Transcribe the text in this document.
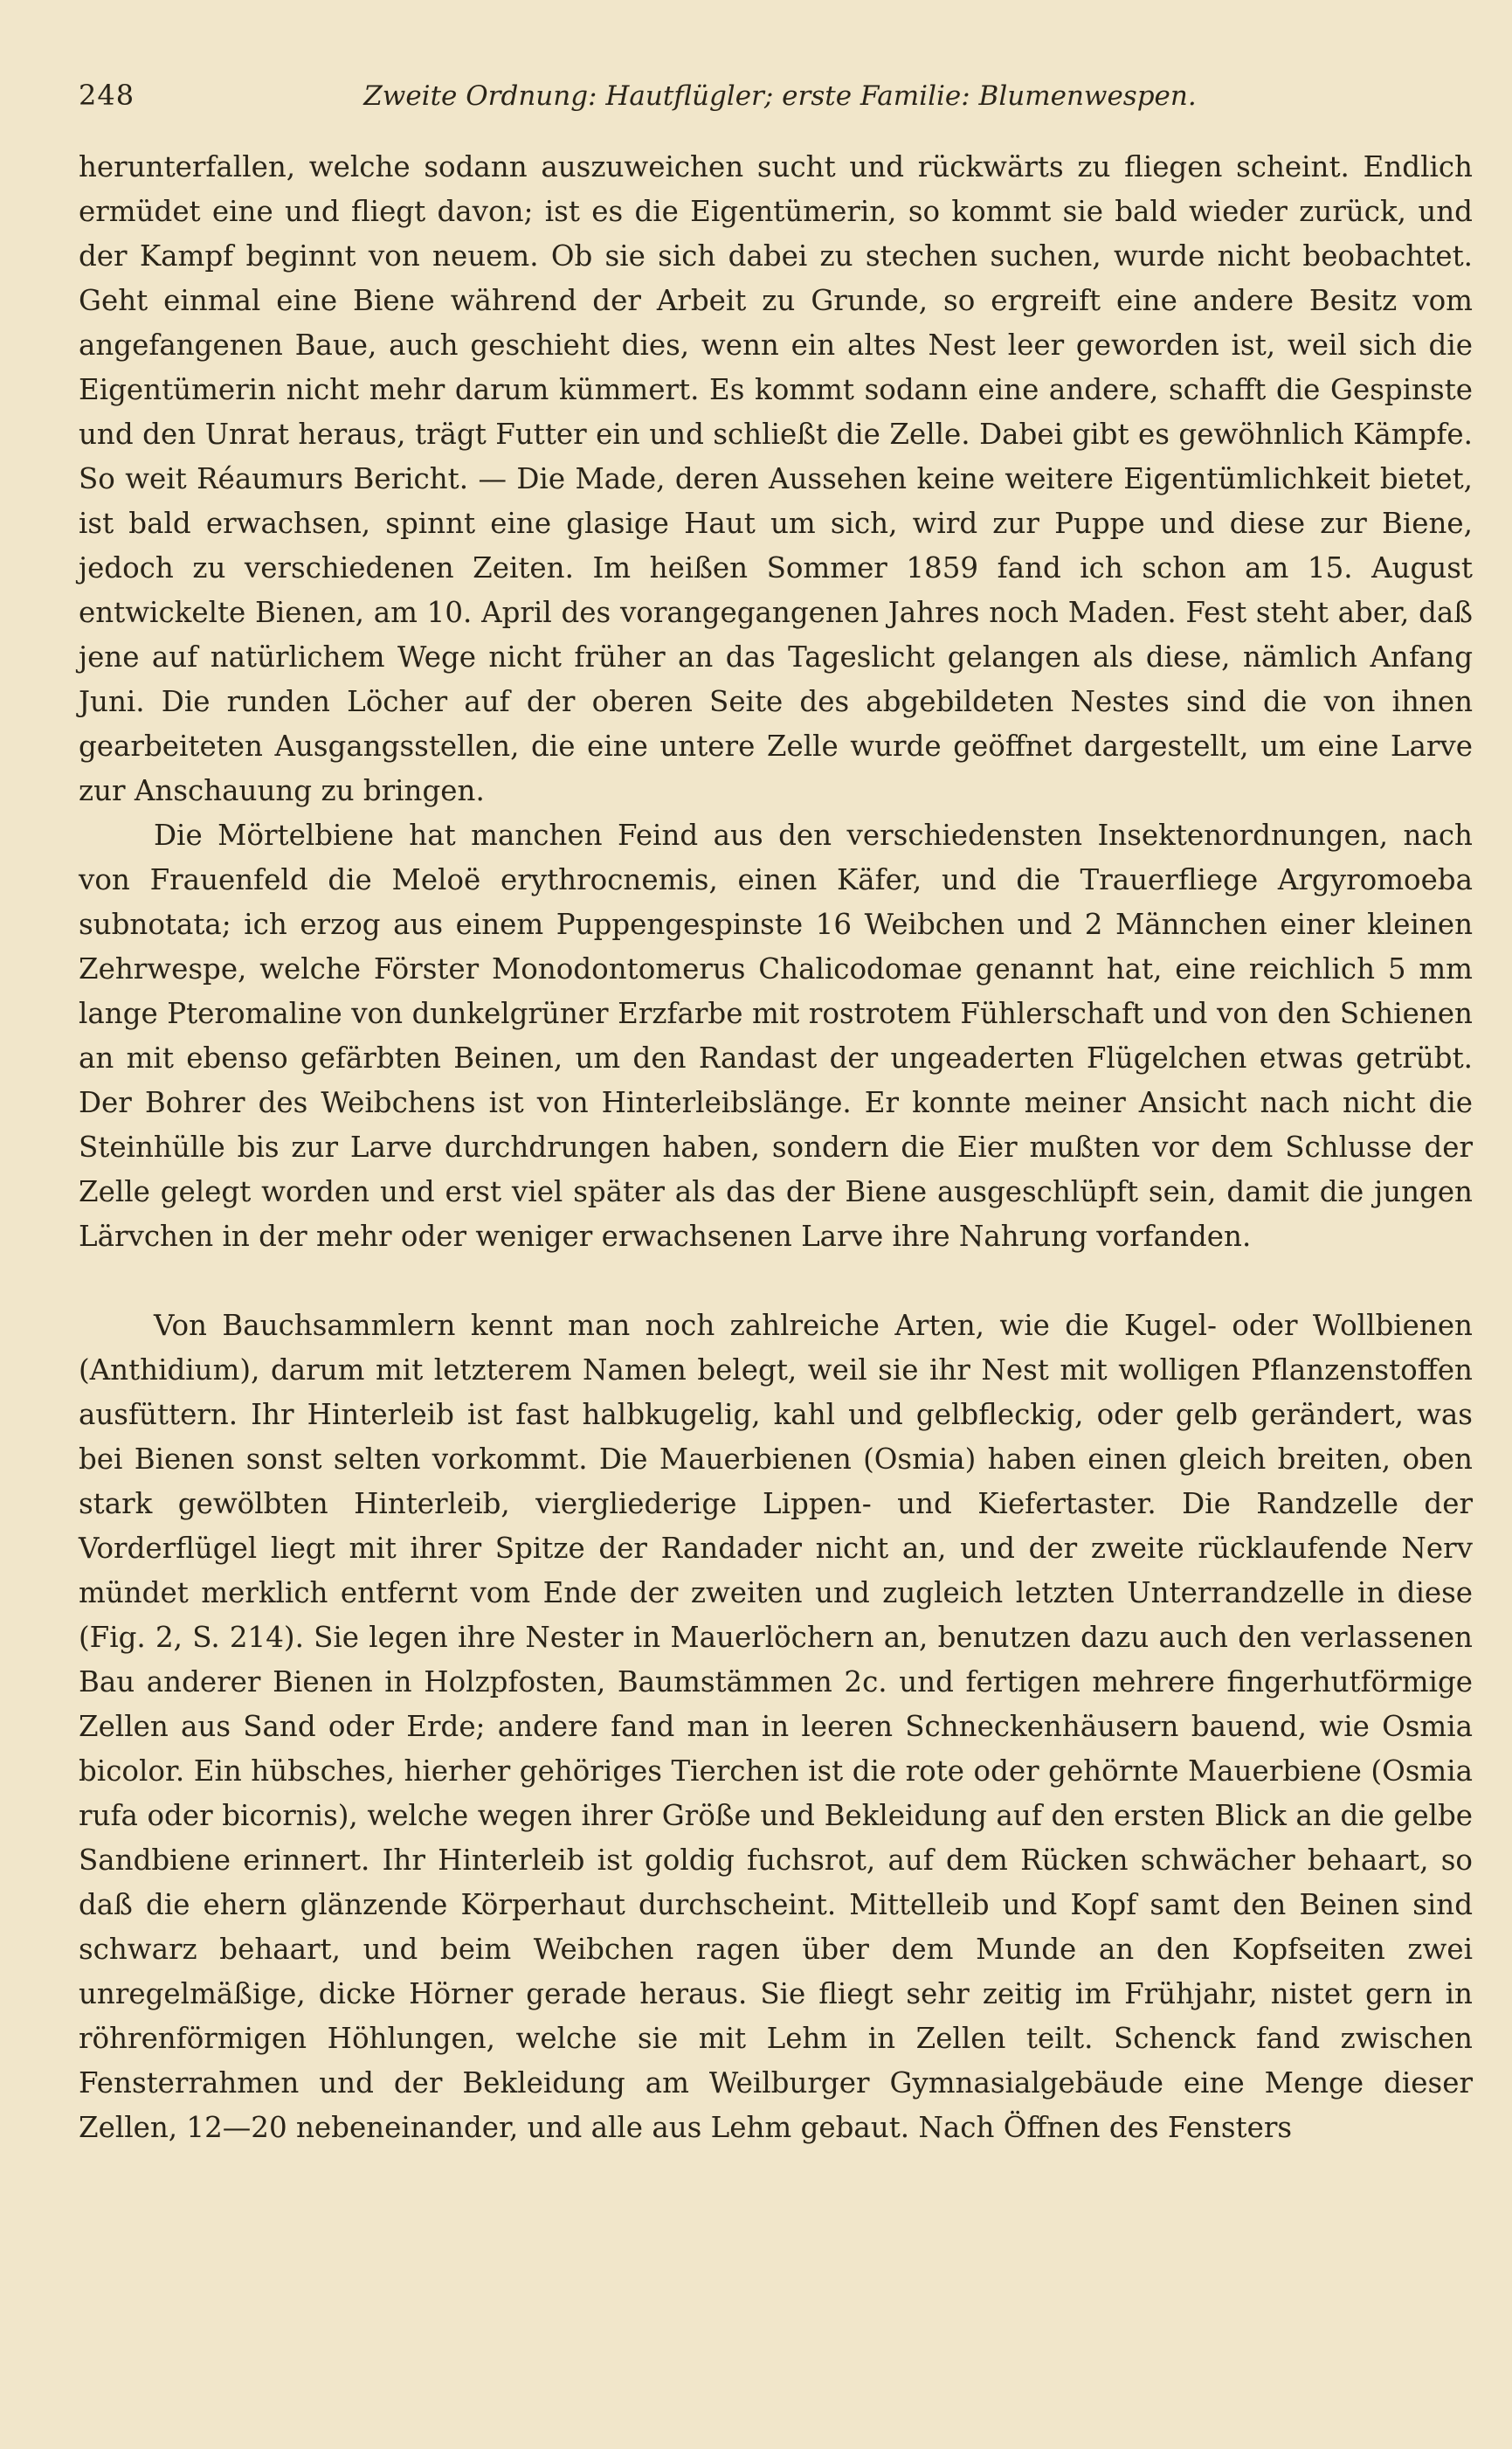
248	Zweite Ordnung: Hautflügler; erste Familie: Blumenwespen.

herunterfallen, welche sodann auszuweichen sucht und rückwärts zu fliegen scheint. Endlich ermüdet eine und fliegt davon; ist es die Eigentümerin, so kommt sie bald wieder zurück, und der Kampf beginnt von neuem. Ob sie sich dabei zu stechen suchen, wurde nicht beobachtet. Geht einmal eine Biene während der Arbeit zu Grunde, so ergreift eine andere Besitz vom angefangenen Baue, auch geschieht dies, wenn ein altes Nest leer geworden ist, weil sich die Eigentümerin nicht mehr darum kümmert. Es kommt sodann eine andere, schafft die Gespinste und den Unrat heraus, trägt Futter ein und schließt die Zelle. Dabei gibt es gewöhnlich Kämpfe. So weit Réaumurs Bericht. — Die Made, deren Aussehen keine weitere Eigentümlichkeit bietet, ist bald erwachsen, spinnt eine glasige Haut um sich, wird zur Puppe und diese zur Biene, jedoch zu verschiedenen Zeiten. Im heißen Sommer 1859 fand ich schon am 15. August entwickelte Bienen, am 10. April des vorangegangenen Jahres noch Maden. Fest steht aber, daß jene auf natürlichem Wege nicht früher an das Tageslicht gelangen als diese, nämlich Anfang Juni. Die runden Löcher auf der oberen Seite des abgebildeten Nestes sind die von ihnen gearbeiteten Ausgangsstellen, die eine untere Zelle wurde geöffnet dargestellt, um eine Larve zur Anschauung zu bringen.

Die Mörtelbiene hat manchen Feind aus den verschiedensten Insektenordnungen, nach von Frauenfeld die Meloë erythrocnemis, einen Käfer, und die Trauerfliege Argyromoeba subnotata; ich erzog aus einem Puppengespinste 16 Weibchen und 2 Männchen einer kleinen Zehrwespe, welche Förster Monodontomerus Chalicodomae genannt hat, eine reichlich 5 mm lange Pteromaline von dunkelgrüner Erzfarbe mit rostrotem Fühlerschaft und von den Schienen an mit ebenso gefärbten Beinen, um den Randast der ungeaderten Flügelchen etwas getrübt. Der Bohrer des Weibchens ist von Hinterleibslänge. Er konnte meiner Ansicht nach nicht die Steinhülle bis zur Larve durchdrungen haben, sondern die Eier mußten vor dem Schlusse der Zelle gelegt worden und erst viel später als das der Biene ausgeschlüpft sein, damit die jungen Lärvchen in der mehr oder weniger erwachsenen Larve ihre Nahrung vorfanden.

Von Bauchsammlern kennt man noch zahlreiche Arten, wie die Kugel- oder Wollbienen (Anthidium), darum mit letzterem Namen belegt, weil sie ihr Nest mit wolligen Pflanzenstoffen ausfüttern. Ihr Hinterleib ist fast halbkugelig, kahl und gelbfleckig, oder gelb gerändert, was bei Bienen sonst selten vorkommt. Die Mauerbienen (Osmia) haben einen gleich breiten, oben stark gewölbten Hinterleib, viergliederige Lippen- und Kiefertaster. Die Randzelle der Vorderflügel liegt mit ihrer Spitze der Randader nicht an, und der zweite rücklaufende Nerv mündet merklich entfernt vom Ende der zweiten und zugleich letzten Unterrandzelle in diese (Fig. 2, S. 214). Sie legen ihre Nester in Mauerlöchern an, benutzen dazu auch den verlassenen Bau anderer Bienen in Holzpfosten, Baumstämmen 2c. und fertigen mehrere fingerhutförmige Zellen aus Sand oder Erde; andere fand man in leeren Schneckenhäusern bauend, wie Osmia bicolor. Ein hübsches, hierher gehöriges Tierchen ist die rote oder gehörnte Mauerbiene (Osmia rufa oder bicornis), welche wegen ihrer Größe und Bekleidung auf den ersten Blick an die gelbe Sandbiene erinnert. Ihr Hinterleib ist goldig fuchsrot, auf dem Rücken schwächer behaart, so daß die ehern glänzende Körperhaut durchscheint. Mittelleib und Kopf samt den Beinen sind schwarz behaart, und beim Weibchen ragen über dem Munde an den Kopfseiten zwei unregelmäßige, dicke Hörner gerade heraus. Sie fliegt sehr zeitig im Frühjahr, nistet gern in röhrenförmigen Höhlungen, welche sie mit Lehm in Zellen teilt. Schenck fand zwischen Fensterrahmen und der Bekleidung am Weilburger Gymnasialgebäude eine Menge dieser Zellen, 12—20 nebeneinander, und alle aus Lehm gebaut. Nach Öffnen des Fensters
